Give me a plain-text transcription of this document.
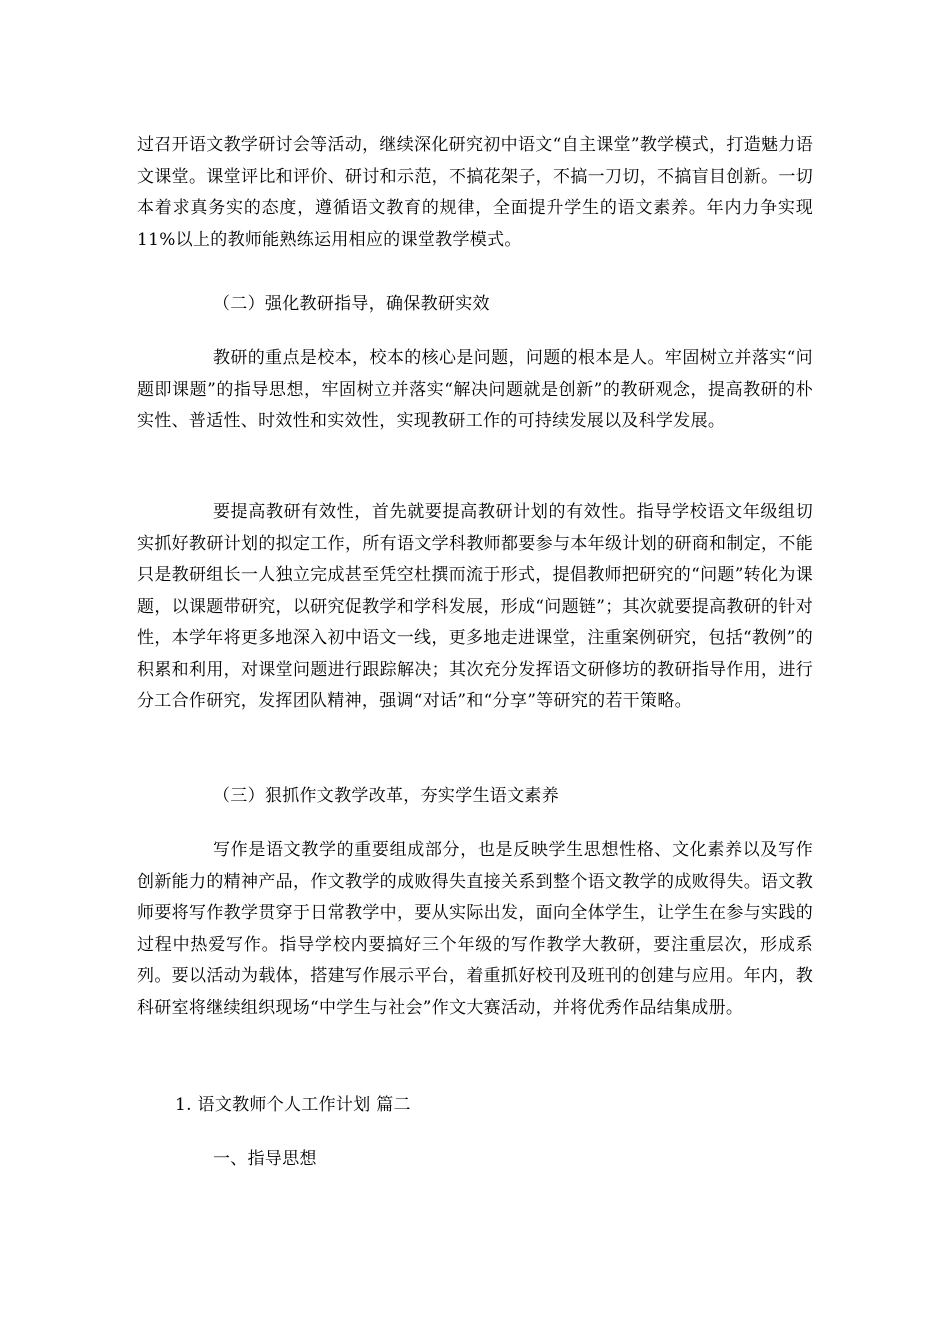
过召开语文教学研讨会等活动，继续深化研究初中语文“自主课堂”教学模式，打造魅力语文课堂。课堂评比和评价、研讨和示范，不搞花架子，不搞一刀切，不搞盲目创新。一切本着求真务实的态度，遵循语文教育的规律，全面提升学生的语文素养。年内力争实现 11%以上的教师能熟练运用相应的课堂教学模式。

（二）强化教研指导，确保教研实效

教研的重点是校本，校本的核心是问题，问题的根本是人。牢固树立并落实“问题即课题”的指导思想，牢固树立并落实“解决问题就是创新”的教研观念，提高教研的朴实性、普适性、时效性和实效性，实现教研工作的可持续发展以及科学发展。

要提高教研有效性，首先就要提高教研计划的有效性。指导学校语文年级组切实抓好教研计划的拟定工作，所有语文学科教师都要参与本年级计划的研商和制定，不能只是教研组长一人独立完成甚至凭空杜撰而流于形式，提倡教师把研究的“问题”转化为课题，以课题带研究，以研究促教学和学科发展，形成“问题链”；其次就要提高教研的针对性，本学年将更多地深入初中语文一线，更多地走进课堂，注重案例研究，包括“教例”的积累和利用，对课堂问题进行跟踪解决；其次充分发挥语文研修坊的教研指导作用，进行分工合作研究，发挥团队精神，强调“对话”和“分享”等研究的若干策略。

（三）狠抓作文教学改革，夯实学生语文素养

写作是语文教学的重要组成部分，也是反映学生思想性格、文化素养以及写作创新能力的精神产品，作文教学的成败得失直接关系到整个语文教学的成败得失。语文教师要将写作教学贯穿于日常教学中，要从实际出发，面向全体学生，让学生在参与实践的过程中热爱写作。指导学校内要搞好三个年级的写作教学大教研，要注重层次，形成系列。要以活动为载体，搭建写作展示平台，着重抓好校刊及班刊的创建与应用。年内，教科研室将继续组织现场“中学生与社会”作文大赛活动，并将优秀作品结集成册。

1. 语文教师个人工作计划 篇二

一、指导思想
